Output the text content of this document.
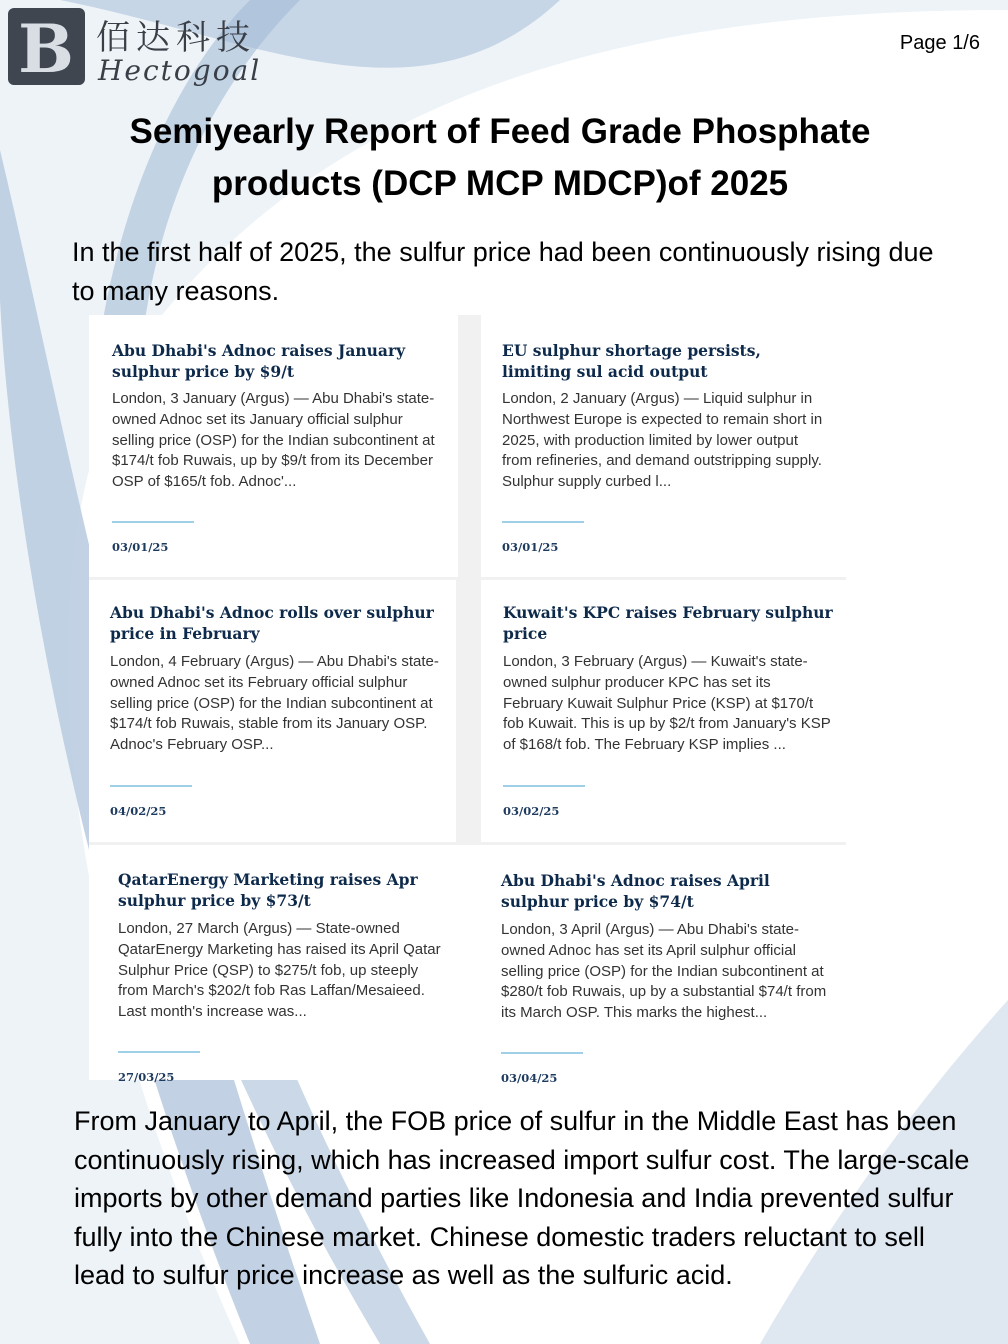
B 佰达科技
Hectogoal
Page 1/6
Semiyearly Report of Feed Grade Phosphate products (DCP MCP MDCP)of 2025

In the first half of 2025, the sulfur price had been continuously rising due to many reasons.

Abu Dhabi's Adnoc raises January sulphur price by $9/t
London, 3 January (Argus) — Abu Dhabi's state-owned Adnoc set its January official sulphur selling price (OSP) for the Indian subcontinent at $174/t fob Ruwais, up by $9/t from its December OSP of $165/t fob. Adnoc'...
03/01/25
EU sulphur shortage persists, limiting sul acid output
London, 2 January (Argus) — Liquid sulphur in Northwest Europe is expected to remain short in 2025, with production limited by lower output from refineries, and demand outstripping supply. Sulphur supply curbed l...
03/01/25
Abu Dhabi's Adnoc rolls over sulphur price in February
London, 4 February (Argus) — Abu Dhabi's state-owned Adnoc set its February official sulphur selling price (OSP) for the Indian subcontinent at $174/t fob Ruwais, stable from its January OSP. Adnoc's February OSP...
04/02/25
Kuwait's KPC raises February sulphur price
London, 3 February (Argus) — Kuwait's state-owned sulphur producer KPC has set its February Kuwait Sulphur Price (KSP) at $170/t fob Kuwait. This is up by $2/t from January's KSP of $168/t fob. The February KSP implies ...
03/02/25
QatarEnergy Marketing raises Apr sulphur price by $73/t
London, 27 March (Argus) — State-owned QatarEnergy Marketing has raised its April Qatar Sulphur Price (QSP) to $275/t fob, up steeply from March's $202/t fob Ras Laffan/Mesaieed. Last month's increase was...
27/03/25
Abu Dhabi's Adnoc raises April sulphur price by $74/t
London, 3 April (Argus) — Abu Dhabi's state-owned Adnoc has set its April sulphur official selling price (OSP) for the Indian subcontinent at $280/t fob Ruwais, up by a substantial $74/t from its March OSP. This marks the highest...
03/04/25

From January to April, the FOB price of sulfur in the Middle East has been continuously rising, which has increased import sulfur cost. The large-scale imports by other demand parties like Indonesia and India prevented sulfur fully into the Chinese market. Chinese domestic traders reluctant to sell lead to sulfur price increase as well as the sulfuric acid.
